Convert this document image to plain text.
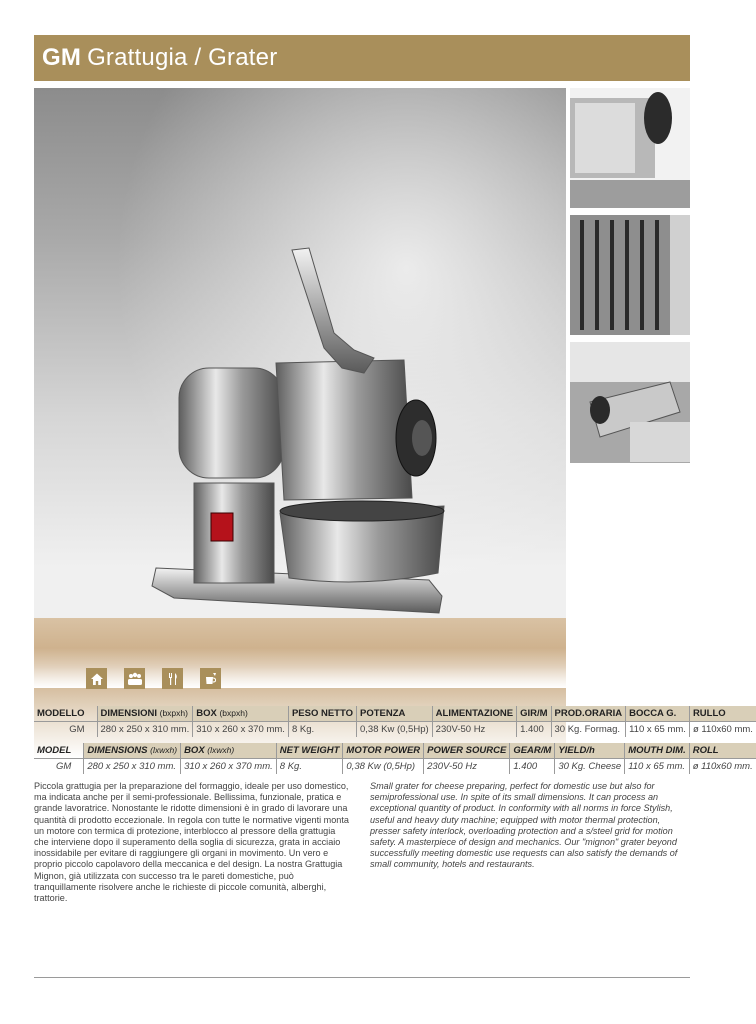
GM Grattugia / Grater
MODELLO	DIMENSIONI (bxpxh)	BOX (bxpxh)	PESO NETTO	POTENZA	ALIMENTAZIONE	GIR/M	PROD.ORARIA	BOCCA G.	RULLO
GM	280 x 250 x 310 mm.	310 x 260 x 370 mm.	8 Kg.	0,38 Kw (0,5Hp)	230V-50 Hz	1.400	30 Kg. Formag.	110 x 65 mm.	ø 110x60 mm.
MODEL	DIMENSIONS (lxwxh)	BOX (lxwxh)	NET WEIGHT	MOTOR POWER	POWER SOURCE	GEAR/M	YIELD/h	MOUTH DIM.	ROLL
GM	280 x 250 x 310 mm.	310 x 260 x 370 mm.	8 Kg.	0,38 Kw (0,5Hp)	230V-50 Hz	1.400	30 Kg. Cheese	110 x 65 mm.	ø 110x60 mm.
Piccola grattugia per la preparazione del formaggio, ideale per uso domestico, ma indicata anche per il semi-professionale. Bellissima, funzionale, pratica e grande lavoratrice. Nonostante le ridotte dimensioni è in grado di lavorare una quantità di prodotto eccezionale. In regola con tutte le normative vigenti monta un motore con termica di protezione, interblocco al pressore della grattugia che interviene dopo il superamento della soglia di sicurezza, grata in acciaio inossidabile per evitare di raggiungere gli organi in movimento. Un vero e proprio piccolo capolavoro della meccanica e del design. La nostra Grattugia Mignon, già utilizzata con successo tra le pareti domestiche, può tranquillamente risolvere anche le richieste di piccole comunità, alberghi, trattorie.
Small grater for cheese preparing, perfect for domestic use but also for semiprofessional use. In spite of its small dimensions. It can process an exceptional quantity of product. In conformity with all norms in force Stylish, useful and heavy duty machine; equipped with motor thermal protection, presser safety interlock, overloading protection and a s/steel grid for motion safety. A masterpiece of design and mechanics. Our "mignon" grater beyond successfully meeting domestic use requests can also satisfy the demands of small community, hotels and restaurants.
